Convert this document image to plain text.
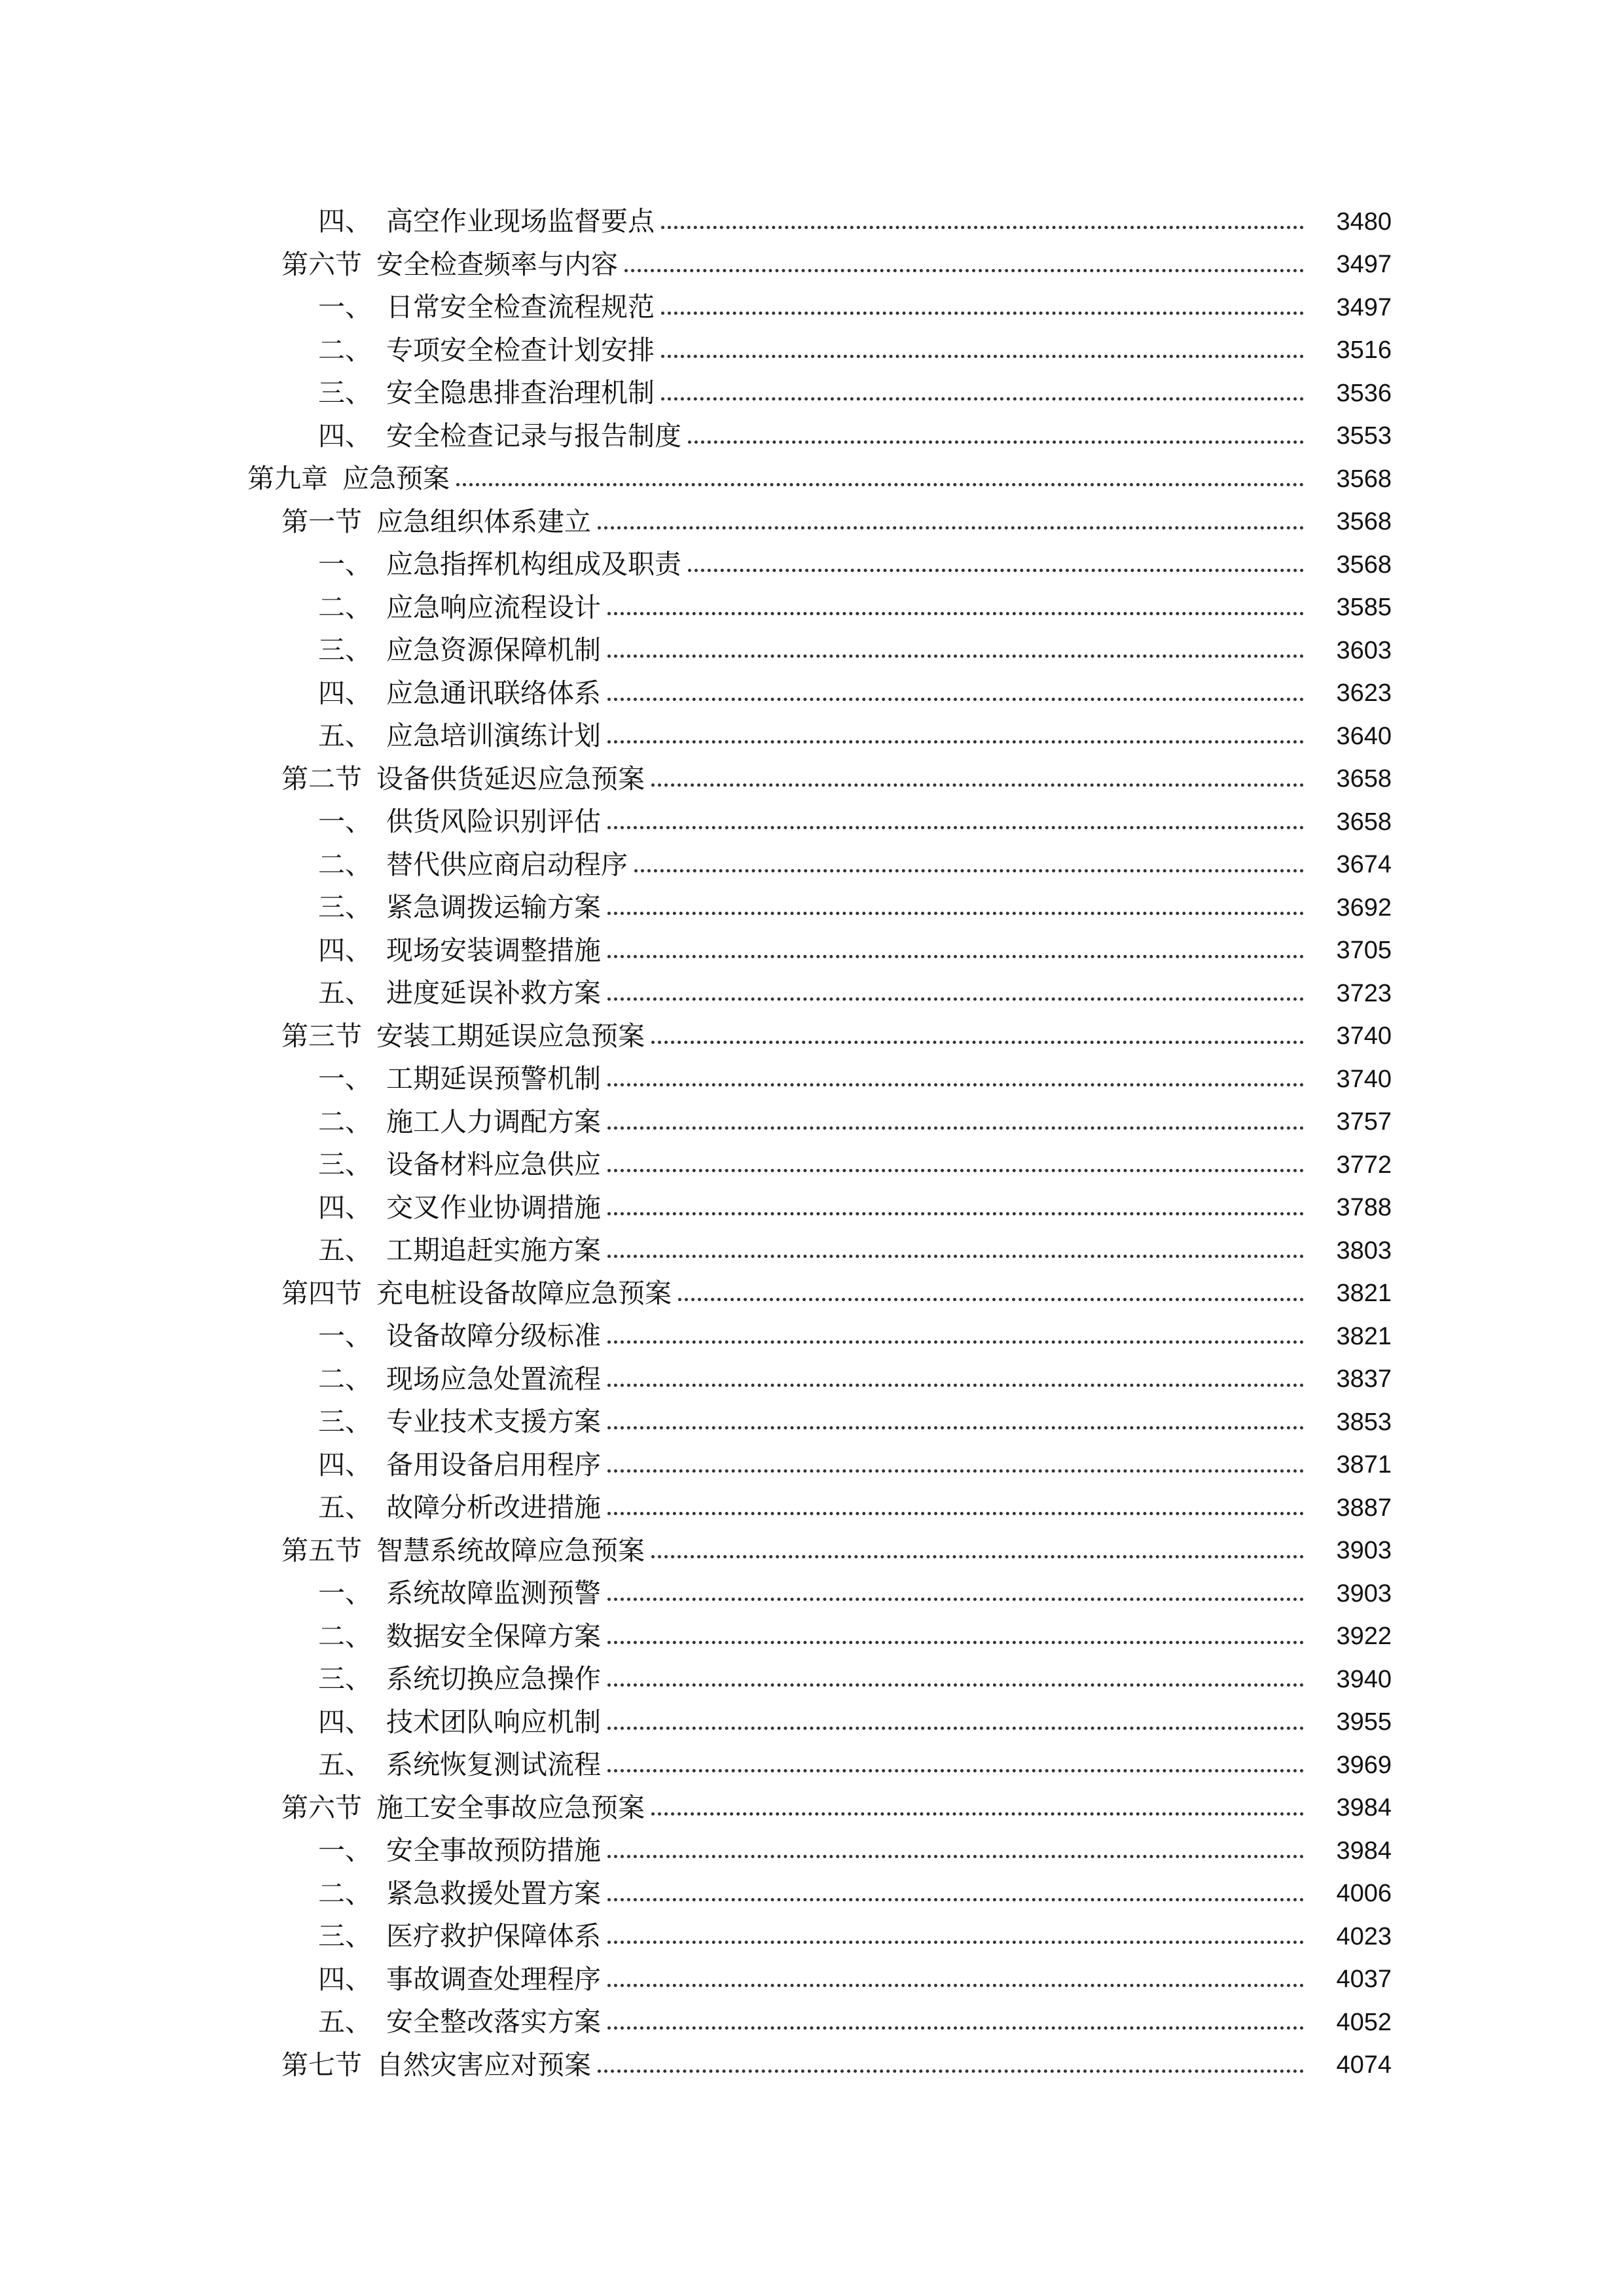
四、 高空作业现场监督要点	3480
第六节 安全检查频率与内容	3497
一、 日常安全检查流程规范	3497
二、 专项安全检查计划安排	3516
三、 安全隐患排查治理机制	3536
四、 安全检查记录与报告制度	3553
第九章 应急预案	3568
第一节 应急组织体系建立	3568
一、 应急指挥机构组成及职责	3568
二、 应急响应流程设计	3585
三、 应急资源保障机制	3603
四、 应急通讯联络体系	3623
五、 应急培训演练计划	3640
第二节 设备供货延迟应急预案	3658
一、 供货风险识别评估	3658
二、 替代供应商启动程序	3674
三、 紧急调拨运输方案	3692
四、 现场安装调整措施	3705
五、 进度延误补救方案	3723
第三节 安装工期延误应急预案	3740
一、 工期延误预警机制	3740
二、 施工人力调配方案	3757
三、 设备材料应急供应	3772
四、 交叉作业协调措施	3788
五、 工期追赶实施方案	3803
第四节 充电桩设备故障应急预案	3821
一、 设备故障分级标准	3821
二、 现场应急处置流程	3837
三、 专业技术支援方案	3853
四、 备用设备启用程序	3871
五、 故障分析改进措施	3887
第五节 智慧系统故障应急预案	3903
一、 系统故障监测预警	3903
二、 数据安全保障方案	3922
三、 系统切换应急操作	3940
四、 技术团队响应机制	3955
五、 系统恢复测试流程	3969
第六节 施工安全事故应急预案	3984
一、 安全事故预防措施	3984
二、 紧急救援处置方案	4006
三、 医疗救护保障体系	4023
四、 事故调查处理程序	4037
五、 安全整改落实方案	4052
第七节 自然灾害应对预案	4074
